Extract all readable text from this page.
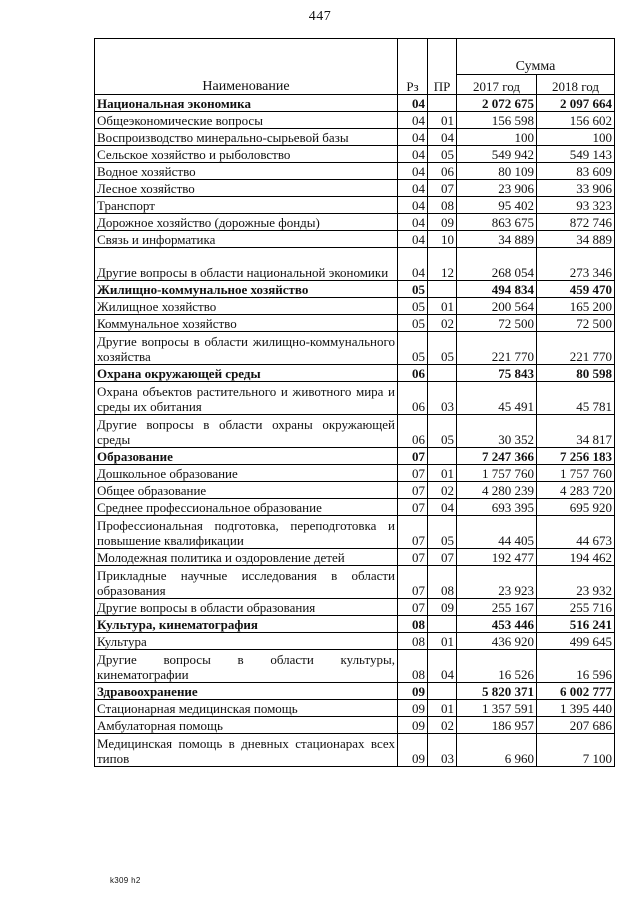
447
Наименование	Рз	ПР	Сумма	
			2017 год	2018 год
Национальная экономика	04		2 072 675	2 097 664
Общеэкономические вопросы	04	01	156 598	156 602
Воспроизводство минерально-сырьевой базы	04	04	100	100
Сельское хозяйство и рыболовство	04	05	549 942	549 143
Водное хозяйство	04	06	80 109	83 609
Лесное хозяйство	04	07	23 906	33 906
Транспорт	04	08	95 402	93 323
Дорожное хозяйство (дорожные фонды)	04	09	863 675	872 746
Связь и информатика	04	10	34 889	34 889
Другие вопросы в области национальной экономики	04	12	268 054	273 346
Жилищно-коммунальное хозяйство	05		494 834	459 470
Жилищное хозяйство	05	01	200 564	165 200
Коммунальное хозяйство	05	02	72 500	72 500
Другие вопросы в области жилищно-коммунального хозяйства	05	05	221 770	221 770
Охрана окружающей среды	06		75 843	80 598
Охрана объектов растительного и животного мира и среды их обитания	06	03	45 491	45 781
Другие вопросы в области охраны окружающей среды	06	05	30 352	34 817
Образование	07		7 247 366	7 256 183
Дошкольное образование	07	01	1 757 760	1 757 760
Общее образование	07	02	4 280 239	4 283 720
Среднее профессиональное образование	07	04	693 395	695 920
Профессиональная подготовка, переподготовка и повышение квалификации	07	05	44 405	44 673
Молодежная политика и оздоровление детей	07	07	192 477	194 462
Прикладные научные исследования в области образования	07	08	23 923	23 932
Другие вопросы в области образования	07	09	255 167	255 716
Культура, кинематография	08		453 446	516 241
Культура	08	01	436 920	499 645
Другие вопросы в области культуры, кинематографии	08	04	16 526	16 596
Здравоохранение	09		5 820 371	6 002 777
Стационарная медицинская помощь	09	01	1 357 591	1 395 440
Амбулаторная помощь	09	02	186 957	207 686
Медицинская помощь в дневных стационарах всех типов	09	03	6 960	7 100
k309 h2
